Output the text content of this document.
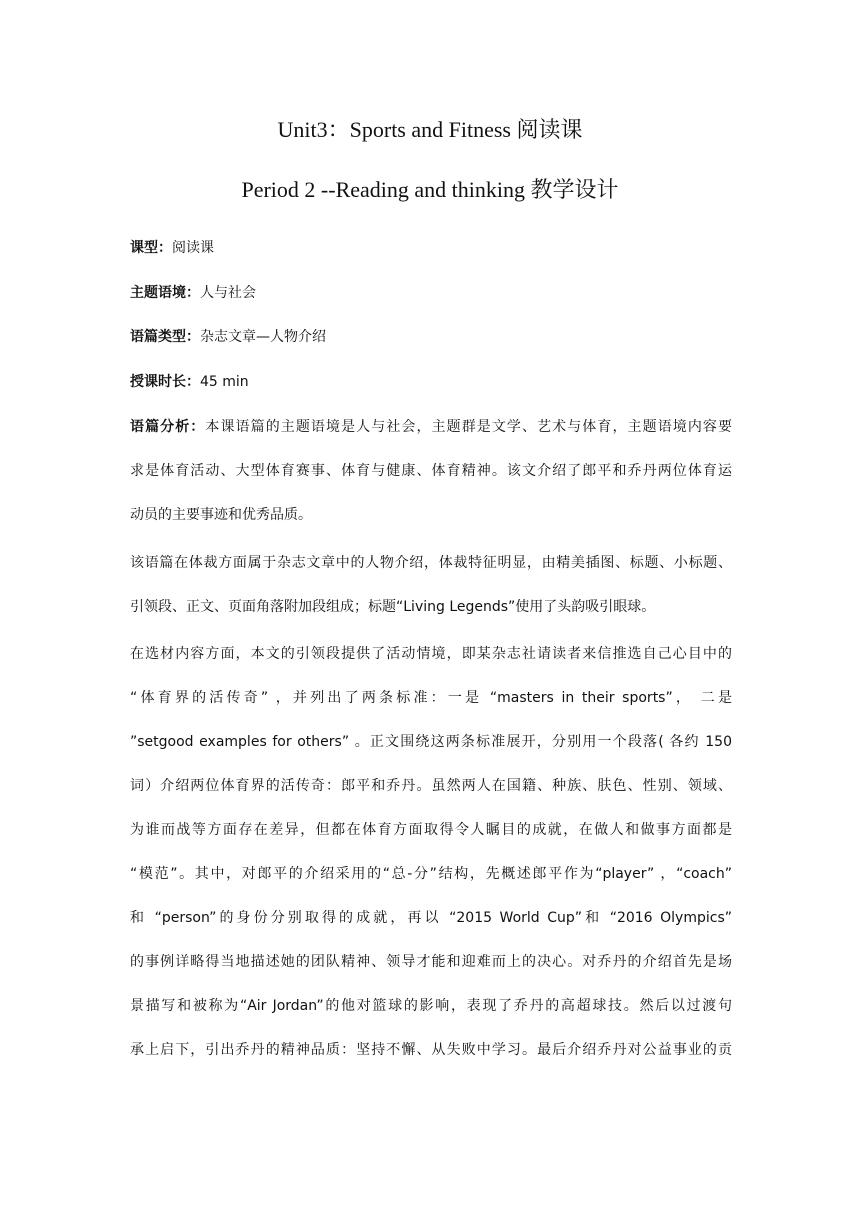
Unit3：Sports and Fitness 阅读课
Period 2 --Reading and thinking 教学设计
课型：阅读课
主题语境：人与社会
语篇类型：杂志文章—人物介绍
授课时长：45 min
语篇分析：本课语篇的主题语境是人与社会，主题群是文学、艺术与体育，主题语境内容要
求是体育活动、大型体育赛事、体育与健康、体育精神。该文介绍了郎平和乔丹两位体育运
动员的主要事迹和优秀品质。
该语篇在体裁方面属于杂志文章中的人物介绍，体裁特征明显，由精美插图、标题、小标题、
引领段、正文、页面角落附加段组成；标题“Living Legends”使用了头韵吸引眼球。
在选材内容方面，本文的引领段提供了活动情境，即某杂志社请读者来信推选自己心目中的
“体育界的活传奇” ，并列出了两条标准：一是 “masters in their sports”， 二是
”setgood examples for others” 。正文围绕这两条标准展开，分别用一个段落( 各约 150
词）介绍两位体育界的活传奇：郎平和乔丹。虽然两人在国籍、种族、肤色、性别、领域、
为谁而战等方面存在差异，但都在体育方面取得令人瞩目的成就，在做人和做事方面都是
“模范”。其中，对郎平的介绍采用的“总-分”结构，先概述郎平作为“player” ，“coach”
和 “person”的身份分别取得的成就，再以 “2015 World Cup”和 “2016 Olympics”
的事例详略得当地描述她的团队精神、领导才能和迎难而上的决心。对乔丹的介绍首先是场
景描写和被称为“Air Jordan”的他对篮球的影响，表现了乔丹的高超球技。然后以过渡句
承上启下，引出乔丹的精神品质：坚持不懈、从失败中学习。最后介绍乔丹对公益事业的贡
